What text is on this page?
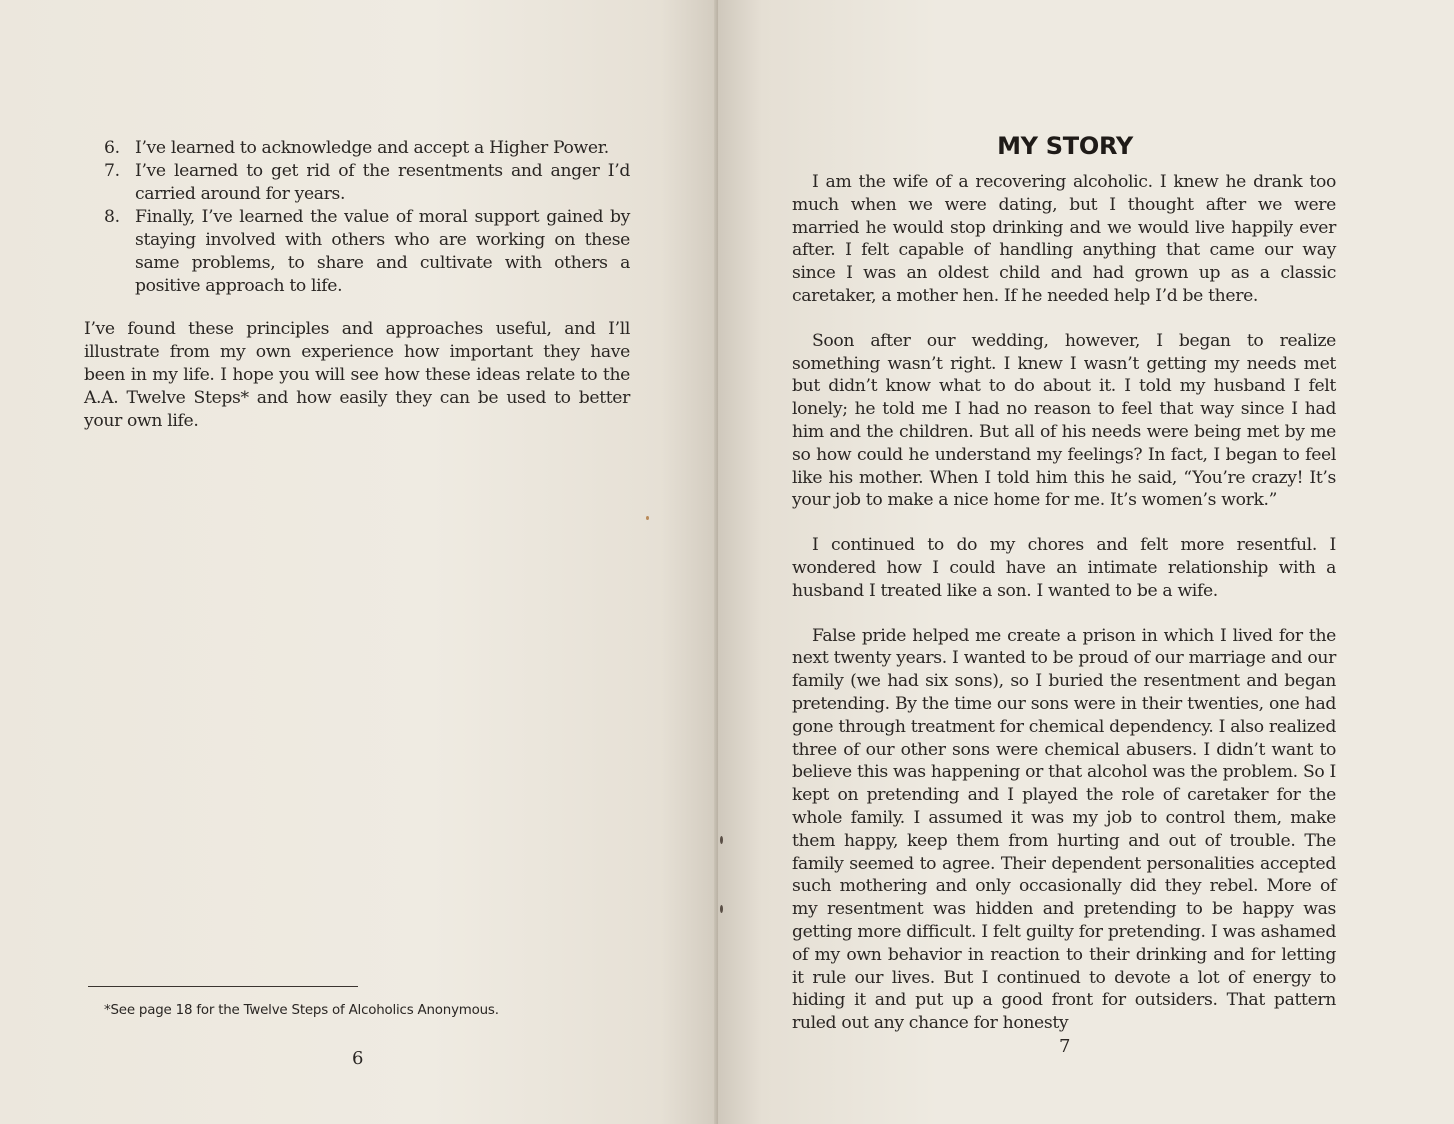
6. I’ve learned to acknowledge and accept a Higher Power.
7. I’ve learned to get rid of the resentments and anger I’d carried around for years.
8. Finally, I’ve learned the value of moral support gained by staying involved with others who are working on these same problems, to share and cultivate with others a positive approach to life.

I’ve found these principles and approaches useful, and I’ll illustrate from my own experience how important they have been in my life. I hope you will see how these ideas relate to the A.A. Twelve Steps* and how easily they can be used to better your own life.

*See page 18 for the Twelve Steps of Alcoholics Anonymous.

6
MY STORY

I am the wife of a recovering alcoholic. I knew he drank too much when we were dating, but I thought after we were married he would stop drinking and we would live happily ever after. I felt capable of handling anything that came our way since I was an oldest child and had grown up as a classic caretaker, a mother hen. If he needed help I’d be there.

Soon after our wedding, however, I began to realize something wasn’t right. I knew I wasn’t getting my needs met but didn’t know what to do about it. I told my husband I felt lonely; he told me I had no reason to feel that way since I had him and the children. But all of his needs were being met by me so how could he understand my feelings? In fact, I began to feel like his mother. When I told him this he said, “You’re crazy! It’s your job to make a nice home for me. It’s women’s work.”

I continued to do my chores and felt more resentful. I wondered how I could have an intimate relationship with a husband I treated like a son. I wanted to be a wife.

False pride helped me create a prison in which I lived for the next twenty years. I wanted to be proud of our marriage and our family (we had six sons), so I buried the resentment and began pretending. By the time our sons were in their twenties, one had gone through treatment for chemical dependency. I also realized three of our other sons were chemical abusers. I didn’t want to believe this was happening or that alcohol was the problem. So I kept on pretending and I played the role of caretaker for the whole family. I assumed it was my job to control them, make them happy, keep them from hurting and out of trouble. The family seemed to agree. Their dependent personalities accepted such mothering and only occasionally did they rebel. More of my resentment was hidden and pretending to be happy was getting more difficult. I felt guilty for pretending. I was ashamed of my own behavior in reaction to their drinking and for letting it rule our lives. But I continued to devote a lot of energy to hiding it and put up a good front for outsiders. That pattern ruled out any chance for honesty

7
